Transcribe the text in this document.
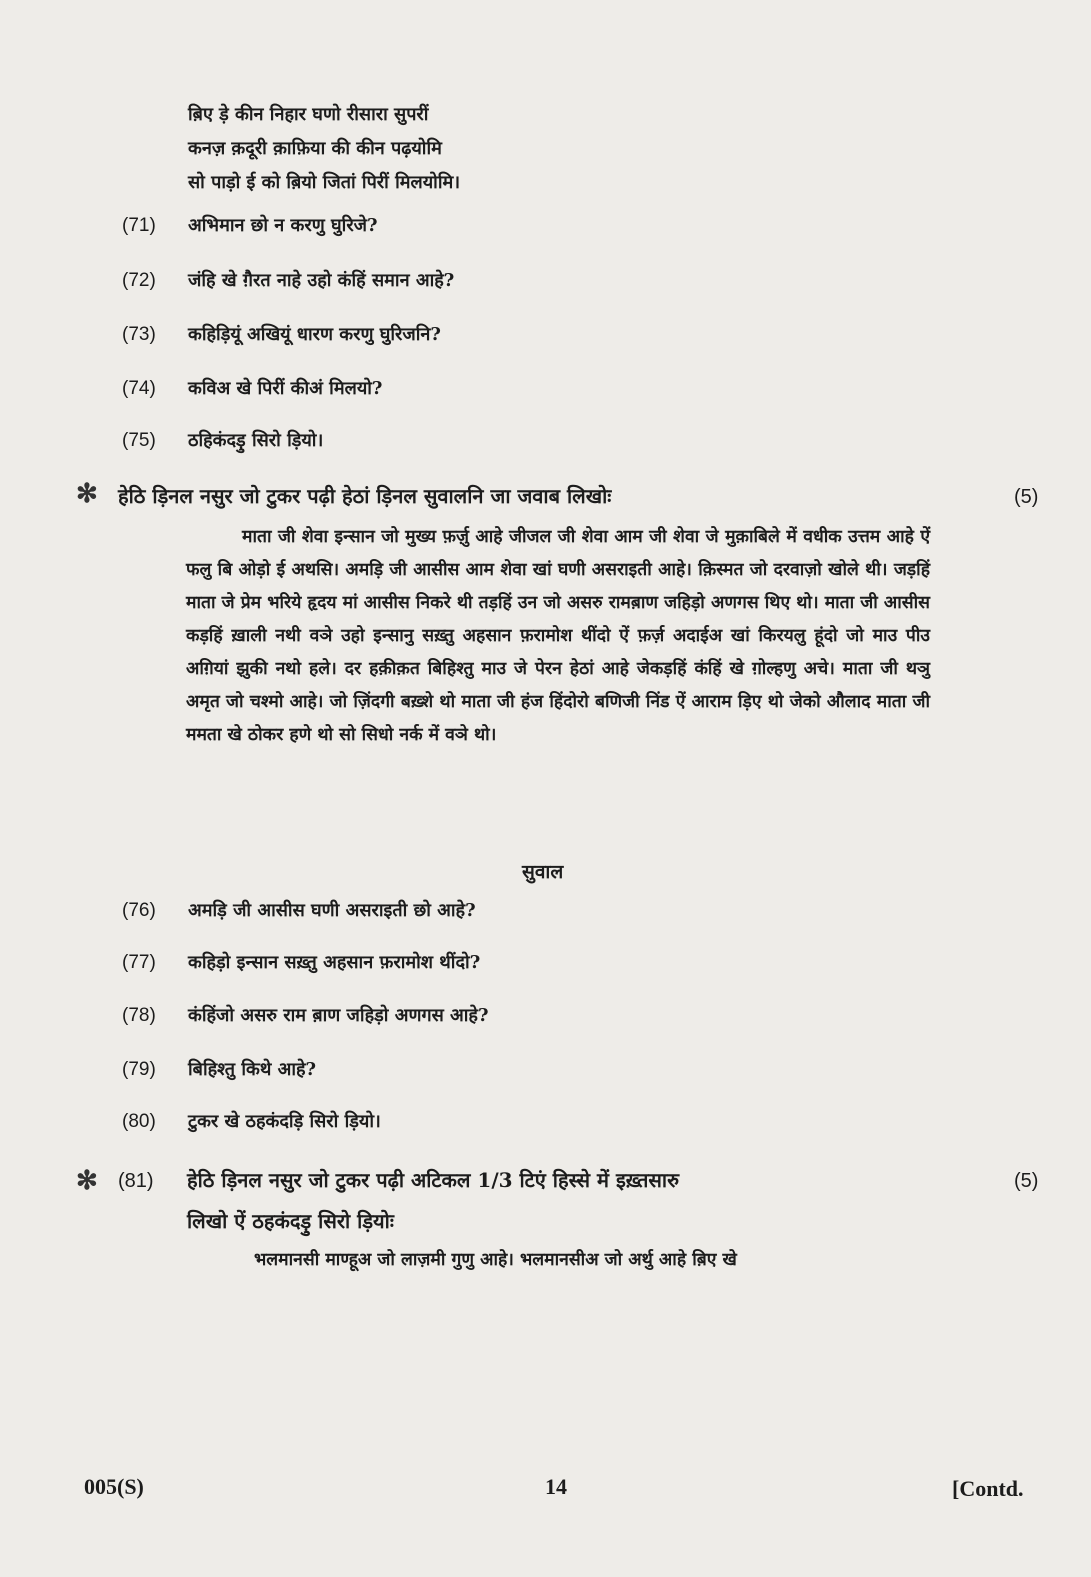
ब़िए ड़े कीन निहार घणो रीसारा सुपरीं
कनज़ क़दूरी क़ाफ़िया की कीन पढ़योमि
सो पाड़ो ई को ब़ियो जितां पिरीं मिलयोमि।
(71) अभिमान छो न करणु घुरिजे?
(72) जंहि खे ग़ैरत नाहे उहो कंहिं समान आहे?
(73) कहिड़ियूं अखियूं धारण करणु घुरिजनि?
(74) कविअ खे पिरीं कीअं मिलयो?
(75) ठहिकंदड़ु सिरो ड़ियो।
✻ हेठि ड़िनल नसुर जो टुकर पढ़ी हेठां ड़िनल सुवालनि जा जवाब लिखोः	(5)
माता जी शेवा इन्सान जो मुख्य फ़र्ज़ु आहे जीजल जी शेवा आम जी शेवा जे मुक़ाबिले में वधीक उत्तम आहे ऐं फलु बि ओड़ो ई अथसि। अमड़ि जी आसीस आम शेवा खां घणी असराइती आहे। क़िस्मत जो दरवाज़ो खोले थी। जड़हिं माता जे प्रेम भरिये हृदय मां आसीस निकरे थी तड़हिं उन जो असरु रामब़ाण जहिड़ो अणगस थिए थो। माता जी आसीस कड़हिं ख़ाली नथी वञे उहो इन्सानु सख़्तु अहसान फ़रामोश थींदो ऐं फ़र्ज़ अदाईअ खां किरयलु हूंदो जो माउ पीउ अग़ियां झुकी नथो हले। दर हक़ीक़त बिहिश्तु माउ जे पेरन हेठां आहे जेकड़हिं कंहिं खे ग़ोल्हणु अचे। माता जी थञु अमृत जो चश्मो आहे। जो ज़िंदगी बख़्शे थो माता जी हंज हिंदोरो बणिजी निंड ऐं आराम ड़िए थो जेको औलाद माता जी ममता खे ठोकर हणे थो सो सिधो नर्क में वञे थो।
सुवाल
(76) अमड़ि जी आसीस घणी असराइती छो आहे?
(77) कहिड़ो इन्सान सख़्तु अहसान फ़रामोश थींदो?
(78) कंहिंजो असरु राम ब़ाण जहिड़ो अणगस आहे?
(79) बिहिश्तु किथे आहे?
(80) टुकर खे ठहकंदड़ि सिरो ड़ियो।
✻ (81) हेठि ड़िनल नसुर जो टुकर पढ़ी अटिकल 1/3 टिएं हिस्से में इख़्तसारु
लिखो ऐं ठहकंदड़ु सिरो ड़ियोः
(5)
भलमानसी माण्हूअ जो लाज़मी गुणु आहे। भलमानसीअ जो अर्थु आहे ब़िए खे
005(S)	14	[Contd.
